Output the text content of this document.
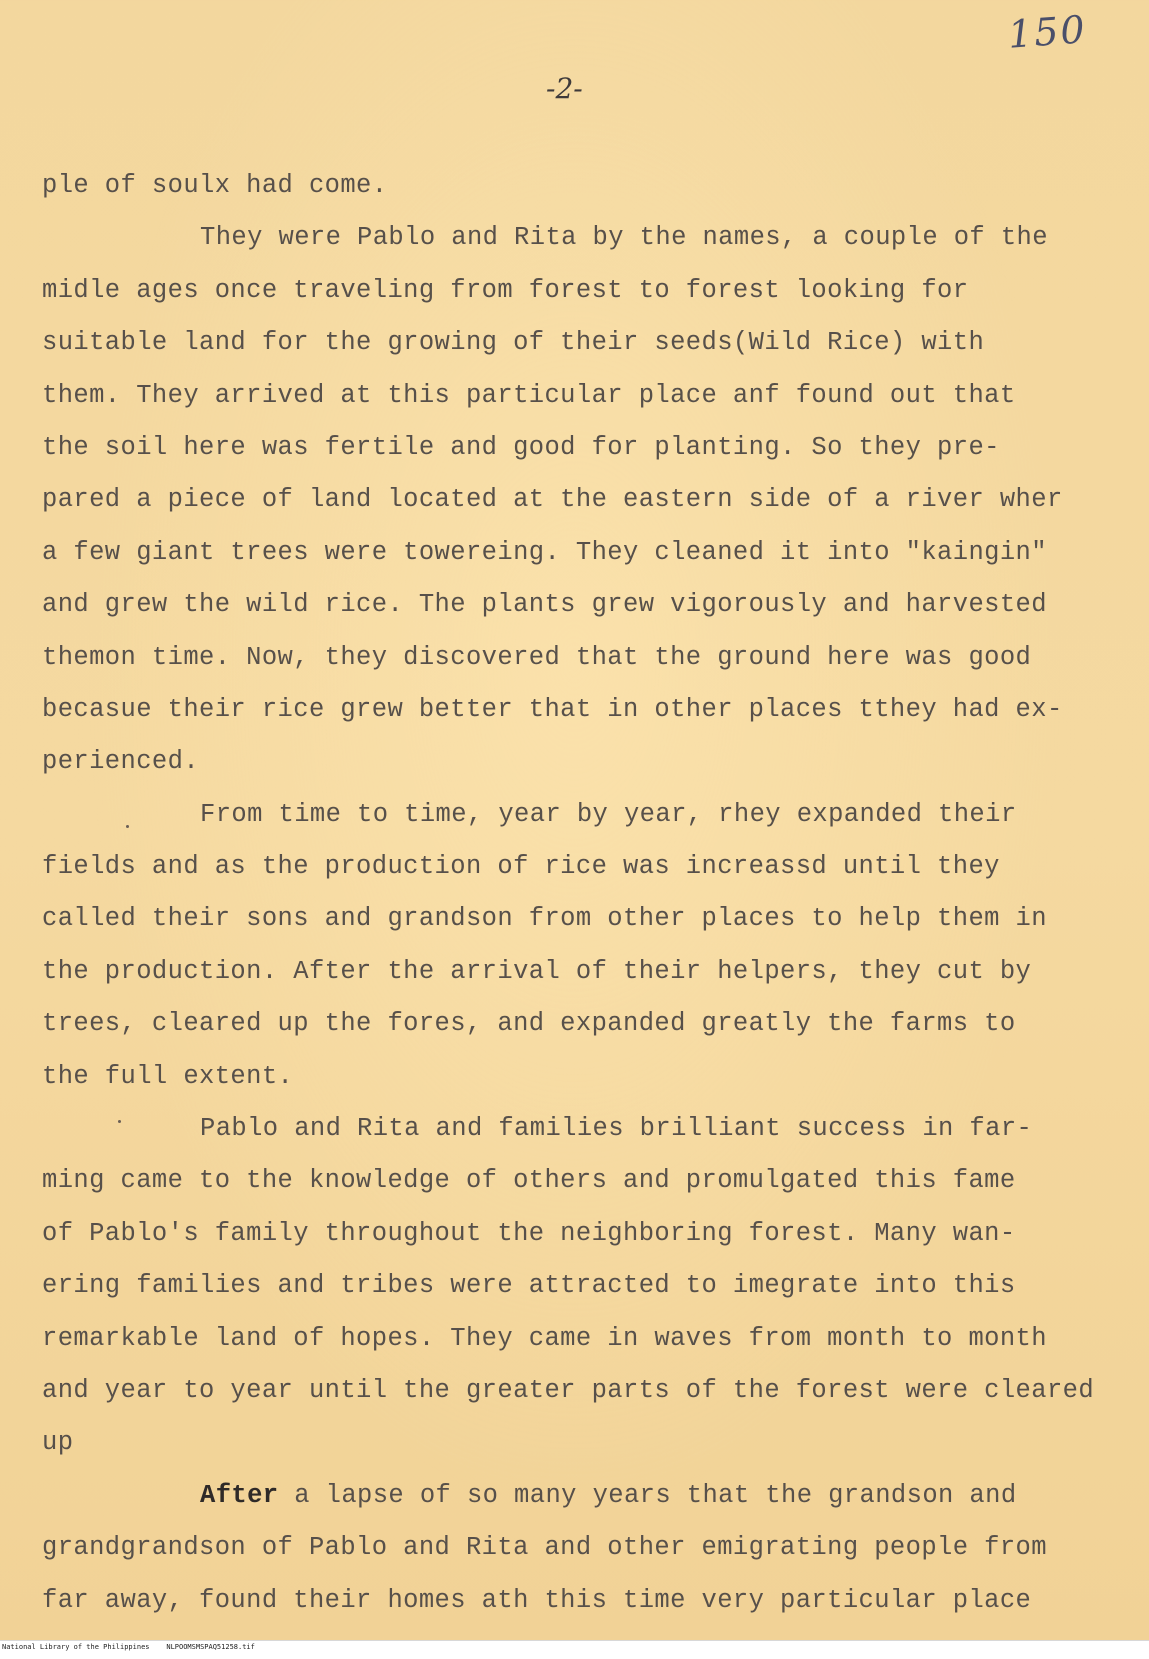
150
-2-
ple of soulx had come.
They were Pablo and Rita by the names, a couple of the
midle ages once traveling from forest to forest looking for
suitable land for the growing of their seeds(Wild Rice) with
them. They arrived at this particular place anf found out that
the soil here was fertile and good for planting. So they pre-
pared a piece of land located at the eastern side of a river wher
a few giant trees were towereing. They cleaned it into "kaingin"
and grew the wild rice. The plants grew vigorously and harvested
themon time. Now, they discovered that the ground here was good
becasue their rice grew better that in other places tthey had ex-
perienced.
From time to time, year by year, rhey expanded their
fields and as the production of rice was increassd until they
called their sons and grandson from other places to help them in
the production. After the arrival of their helpers, they cut by
trees, cleared up the fores, and expanded greatly the farms to
the full extent.
Pablo and Rita and families brilliant success in far-
ming came to the knowledge of others and promulgated this fame
of Pablo's family throughout the neighboring forest. Many wan-
ering families and tribes were attracted to imegrate into this
remarkable land of hopes. They came in waves from month to month
and year to year until the greater parts of the forest were cleared
up
After a lapse of so many years that the grandson and
grandgrandson of Pablo and Rita and other emigrating people from
far away, found their homes ath this time very particular place
National Library of the Philippines    NLPOOMSMSPAQ51258.tif
